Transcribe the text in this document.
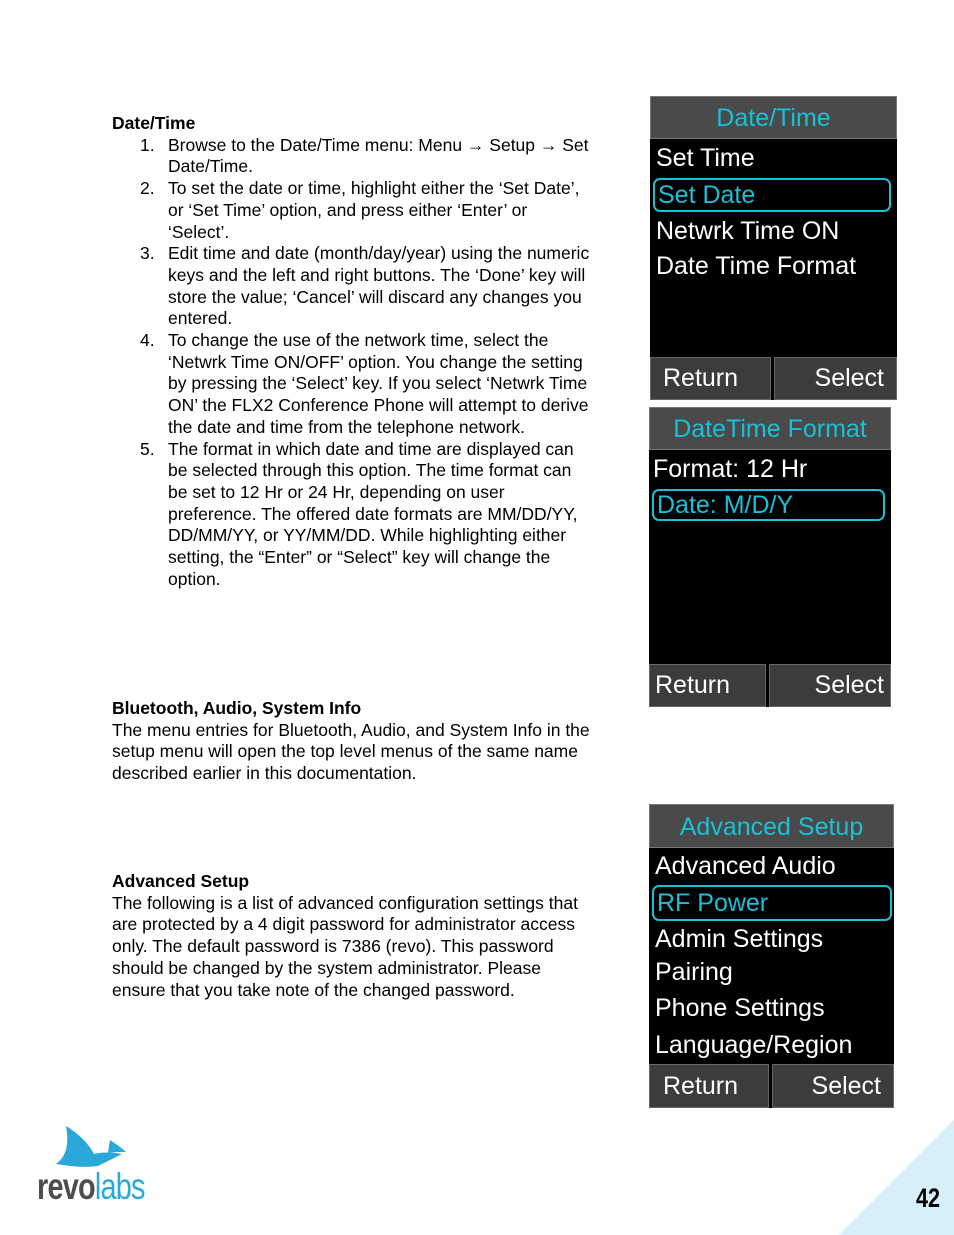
Date/Time

1. Browse to the Date/Time menu: Menu → Setup → Set Date/Time.
2. To set the date or time, highlight either the ‘Set Date’, or ‘Set Time’ option, and press either ‘Enter’ or ‘Select’.
3. Edit time and date (month/day/year) using the numeric keys and the left and right buttons. The ‘Done’ key will store the value; ‘Cancel’ will discard any changes you entered.
4. To change the use of the network time, select the ‘Netwrk Time ON/OFF’ option. You change the setting by pressing the ‘Select’ key. If you select ‘Netwrk Time ON’ the FLX2 Conference Phone will attempt to derive the date and time from the telephone network.
5. The format in which date and time are displayed can be selected through this option. The time format can be set to 12 Hr or 24 Hr, depending on user preference. The offered date formats are MM/DD/YY, DD/MM/YY, or YY/MM/DD. While highlighting either setting, the “Enter” or “Select” key will change the option.

Bluetooth, Audio, System Info

The menu entries for Bluetooth, Audio, and System Info in the setup menu will open the top level menus of the same name described earlier in this documentation.

Advanced Setup

The following is a list of advanced configuration settings that are protected by a 4 digit password for administrator access only. The default password is 7386 (revo). This password should be changed by the system administrator. Please ensure that you take note of the changed password.

Date/Time
Set Time
Set Date
Netwrk Time ON
Date Time Format
Return	Select
DateTime Format
Format: 12 Hr
Date: M/D/Y
Return	Select
Advanced Setup
Advanced Audio
RF Power
Admin Settings
Pairing
Phone Settings
Language/Region
Return	Select
revolabs	42
